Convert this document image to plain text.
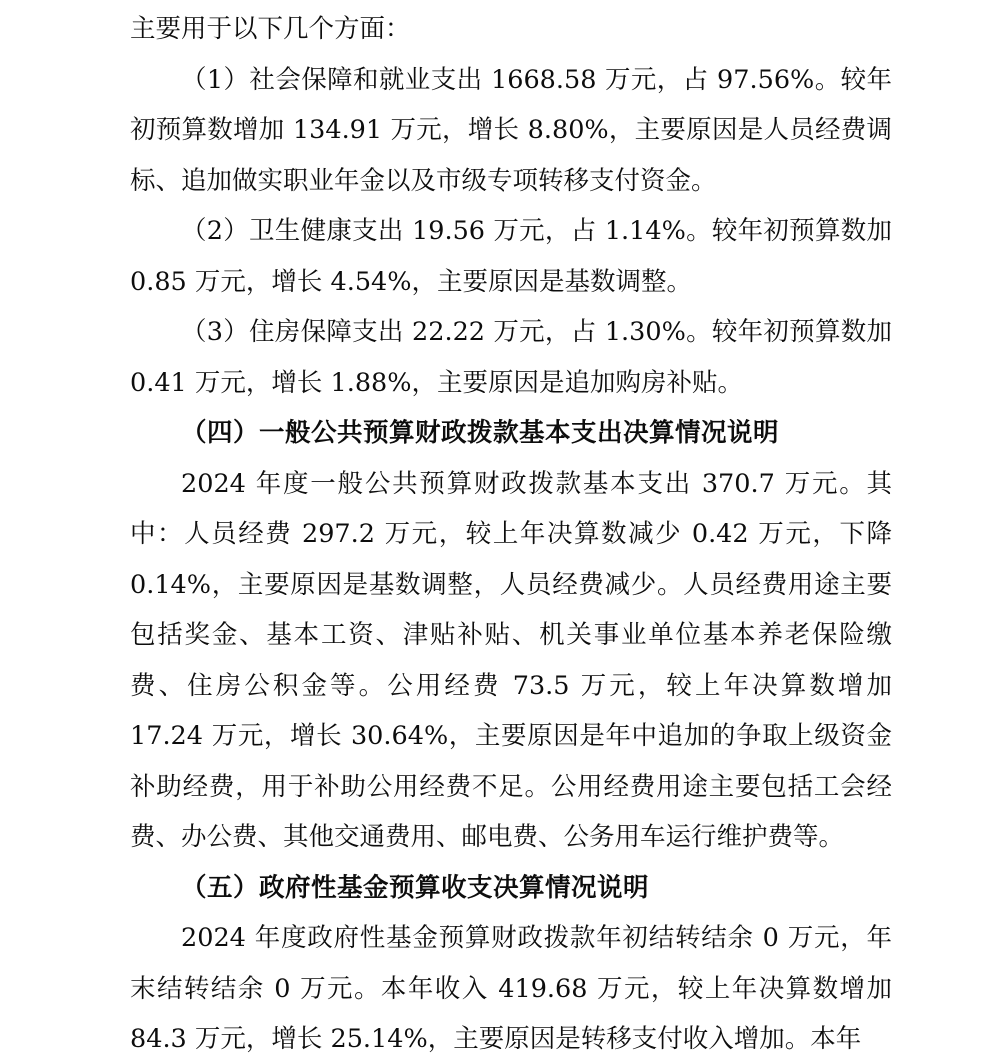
主要用于以下几个方面：

（1）社会保障和就业支出 1668.58 万元，占 97.56%。较年初预算数增加 134.91 万元，增长 8.80%，主要原因是人员经费调标、追加做实职业年金以及市级专项转移支付资金。

（2）卫生健康支出 19.56 万元，占 1.14%。较年初预算数加 0.85 万元，增长 4.54%，主要原因是基数调整。

（3）住房保障支出 22.22 万元，占 1.30%。较年初预算数加 0.41 万元，增长 1.88%，主要原因是追加购房补贴。

（四）一般公共预算财政拨款基本支出决算情况说明

2024 年度一般公共预算财政拨款基本支出 370.7 万元。其中：人员经费 297.2 万元，较上年决算数减少 0.42 万元，下降 0.14%，主要原因是基数调整，人员经费减少。人员经费用途主要包括奖金、基本工资、津贴补贴、机关事业单位基本养老保险缴费、住房公积金等。公用经费 73.5 万元，较上年决算数增加 17.24 万元，增长 30.64%，主要原因是年中追加的争取上级资金补助经费，用于补助公用经费不足。公用经费用途主要包括工会经费、办公费、其他交通费用、邮电费、公务用车运行维护费等。

（五）政府性基金预算收支决算情况说明

2024 年度政府性基金预算财政拨款年初结转结余 0 万元，年末结转结余 0 万元。本年收入 419.68 万元，较上年决算数增加 84.3 万元，增长 25.14%，主要原因是转移支付收入增加。本年
